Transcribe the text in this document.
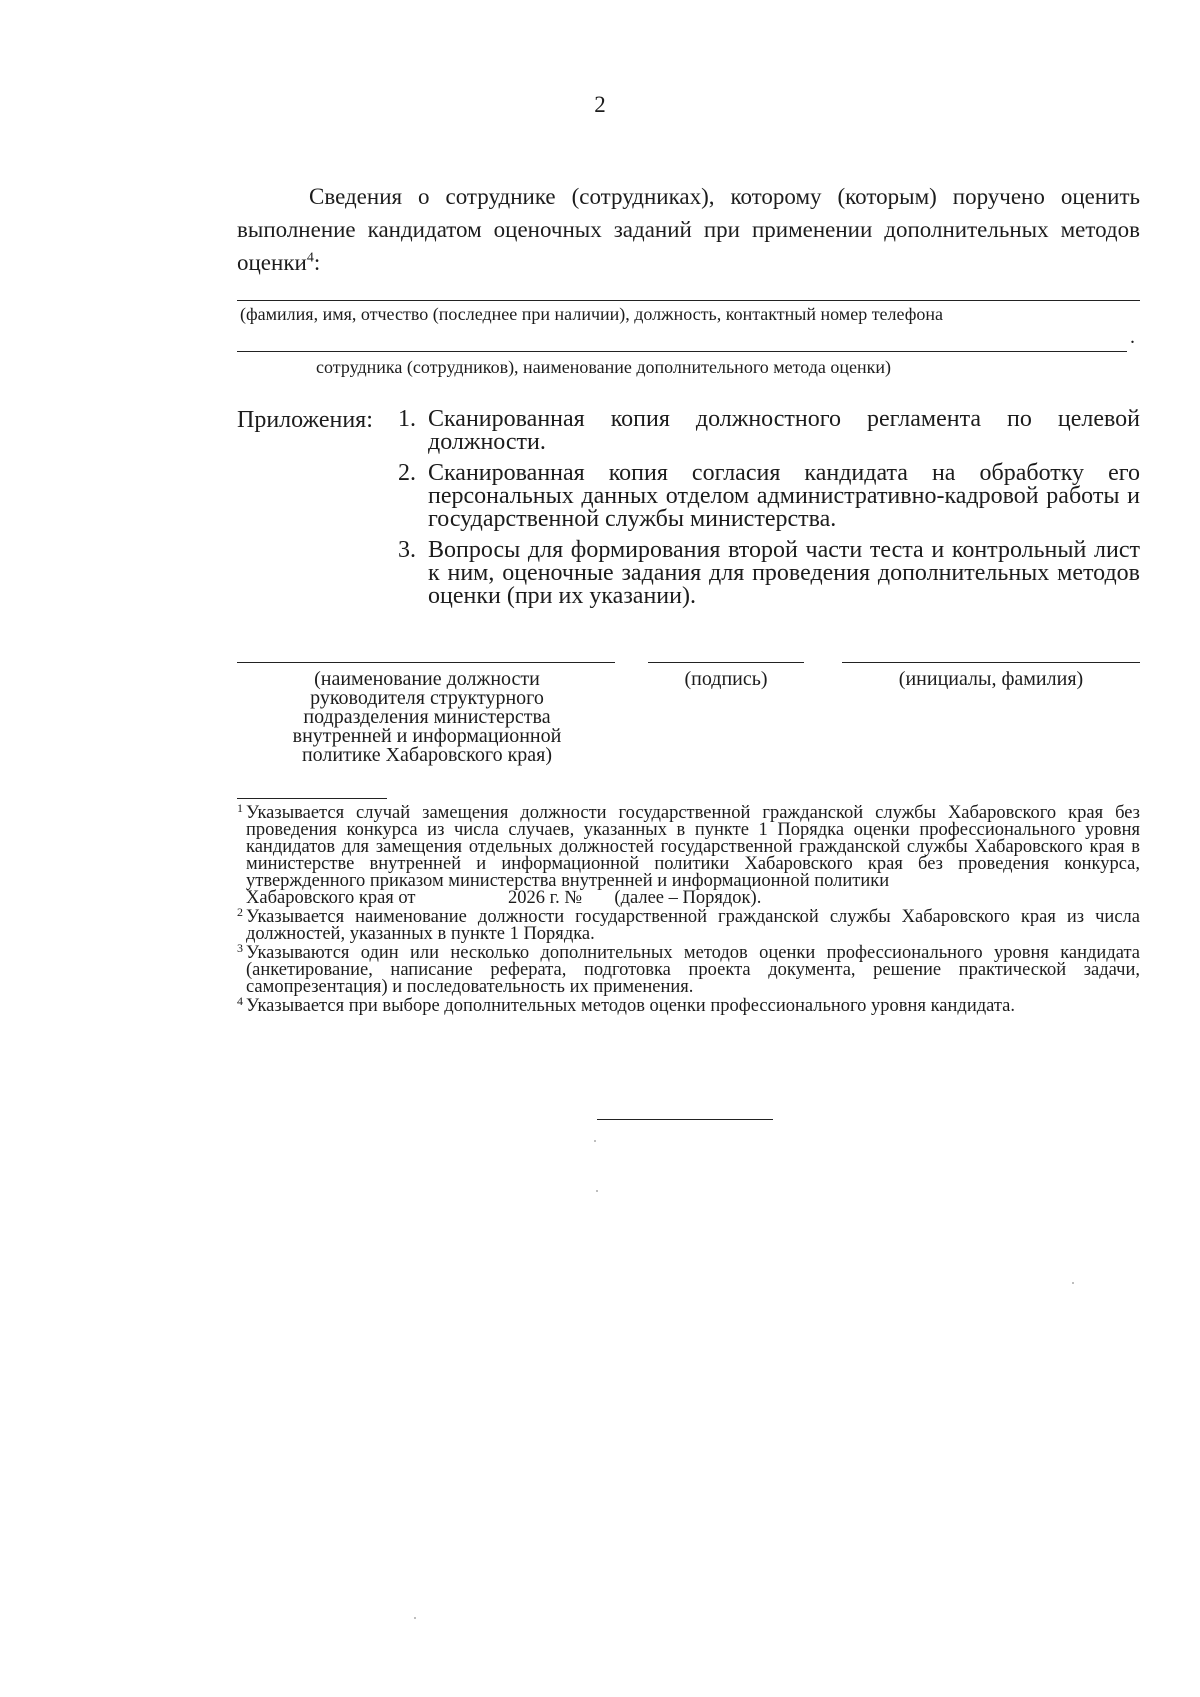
2

Сведения о сотруднике (сотрудниках), которому (которым) поручено оценить выполнение кандидатом оценочных заданий при применении дополнительных методов оценки$^4$:

(фамилия, имя, отчество (последнее при наличии), должность, контактный номер телефона
.
сотрудника (сотрудников), наименование дополнительного метода оценки)
Приложения: 1. Сканированная копия должностного регламента по целевой должности.
2. Сканированная копия согласия кандидата на обработку его персональных данных отделом административно-кадровой работы и государственной службы министерства.
3. Вопросы для формирования второй части теста и контрольный лист к ним, оценочные задания для проведения дополнительных методов оценки (при их указании).
(наименование должности руководителя структурного подразделения министерства внутренней и информационной политике Хабаровского края)
(подпись)	(инициалы, фамилия)

1 Указывается случай замещения должности государственной гражданской службы Хабаровского края без проведения конкурса из числа случаев, указанных в пункте 1 Порядка оценки профессионального уровня кандидатов для замещения отдельных должностей государственной гражданской службы Хабаровского края в министерстве внутренней и информационной политики Хабаровского края без проведения конкурса, утвержденного приказом министерства внутренней и информационной политики
Хабаровского края от                    2026 г. №       (далее – Порядок).

2 Указывается наименование должности государственной гражданской службы Хабаровского края из числа должностей, указанных в пункте 1 Порядка.

3 Указываются один или несколько дополнительных методов оценки профессионального уровня кандидата (анкетирование, написание реферата, подготовка проекта документа, решение практической задачи, самопрезентация) и последовательность их применения.

4 Указывается при выборе дополнительных методов оценки профессионального уровня кандидата.
